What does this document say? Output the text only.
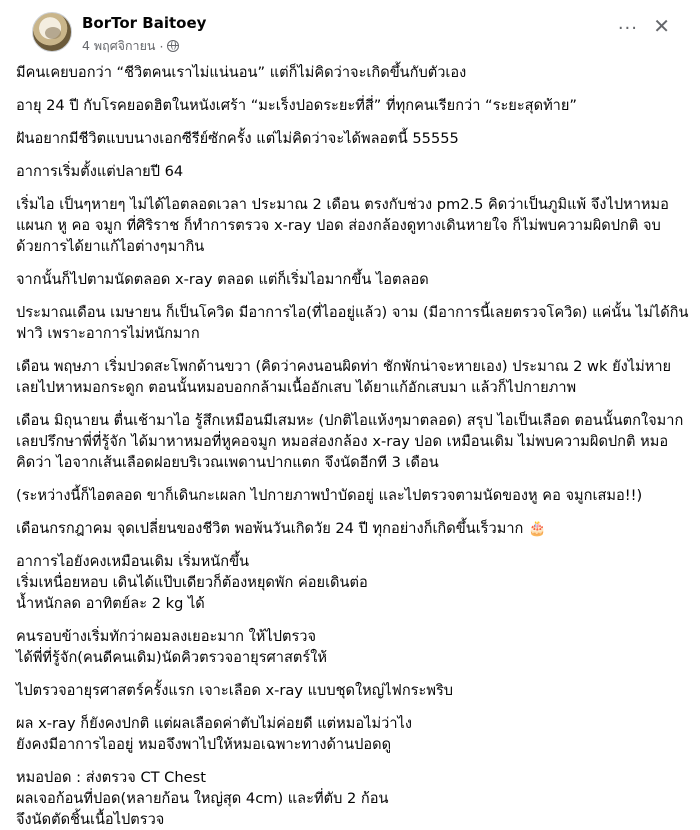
BorTor Baitoey
4 พฤศจิกายน ·
··· ✕
มีคนเคยบอกว่า “ชีวิตคนเราไม่แน่นอน” แต่ก็ไม่คิดว่าจะเกิดขึ้นกับตัวเอง
อายุ 24 ปี กับโรคยอดฮิตในหนังเศร้า “มะเร็งปอดระยะที่สี่” ที่ทุกคนเรียกว่า “ระยะสุดท้าย”
ฝันอยากมีชีวิตแบบนางเอกซีรีย์ซักครั้ง แต่ไม่คิดว่าจะได้พลอตนี้ 55555
อาการเริ่มตั้งแต่ปลายปี 64
เริ่มไอ เป็นๆหายๆ ไม่ได้ไอตลอดเวลา ประมาณ 2 เดือน ตรงกับช่วง pm2.5 คิดว่าเป็นภูมิแพ้ จึงไปหาหมอ
แผนก หู คอ จมูก ที่ศิริราช ก็ทำการตรวจ x-ray ปอด ส่องกล้องดูทางเดินหายใจ ก็ไม่พบความผิดปกติ จบ
ด้วยการได้ยาแก้ไอต่างๆมากิน
จากนั้นก็ไปตามนัดตลอด x-ray ตลอด แต่ก็เริ่มไอมากขึ้น ไอตลอด
ประมาณเดือน เมษายน ก็เป็นโควิด มีอาการไอ(ที่ไออยู่แล้ว) จาม (มีอาการนี้เลยตรวจโควิด) แค่นั้น ไม่ได้กิน
ฟาวิ เพราะอาการไม่หนักมาก
เดือน พฤษภา เริ่มปวดสะโพกด้านขวา (คิดว่าคงนอนผิดท่า ชักพักน่าจะหายเอง) ประมาณ 2 wk ยังไม่หาย
เลยไปหาหมอกระดูก ตอนนั้นหมอบอกกล้ามเนื้ออักเสบ ได้ยาแก้อักเสบมา แล้วก็ไปกายภาพ
เดือน มิถุนายน ตื่นเช้ามาไอ รู้สึกเหมือนมีเสมหะ (ปกติไอแห้งๆมาตลอด) สรุป ไอเป็นเลือด ตอนนั้นตกใจมาก
เลยปรึกษาพี่ที่รู้จัก ได้มาหาหมอที่หูคอจมูก หมอส่องกล้อง x-ray ปอด เหมือนเดิม ไม่พบความผิดปกติ หมอ
คิดว่า ไอจากเส้นเลือดฝอยบริเวณเพดานปากแตก จึงนัดอีกที 3 เดือน
(ระหว่างนี้ก็ไอตลอด ขาก็เดินกะเผลก ไปกายภาพบำบัดอยู่ และไปตรวจตามนัดของหู คอ จมูกเสมอ!!)
เดือนกรกฎาคม จุดเปลี่ยนของชีวิต พอพ้นวันเกิดวัย 24 ปี ทุกอย่างก็เกิดขึ้นเร็วมาก 🎂
อาการไอยังคงเหมือนเดิม เริ่มหนักขึ้น
เริ่มเหนื่อยหอบ เดินได้แป๊บเดียวก็ต้องหยุดพัก ค่อยเดินต่อ
น้ำหนักลด อาทิตย์ละ 2 kg ได้
คนรอบข้างเริ่มทักว่าผอมลงเยอะมาก ให้ไปตรวจ
ได้พี่ที่รู้จัก(คนดีคนเดิม)นัดคิวตรวจอายุรศาสตร์ให้
ไปตรวจอายุรศาสตร์ครั้งแรก เจาะเลือด x-ray แบบชุดใหญ่ไฟกระพริบ
ผล x-ray ก็ยังคงปกติ แต่ผลเลือดค่าตับไม่ค่อยดี แต่หมอไม่ว่าไง
ยังคงมีอาการไออยู่ หมอจึงพาไปให้หมอเฉพาะทางด้านปอดดู
หมอปอด : ส่งตรวจ CT Chest
ผลเจอก้อนที่ปอด(หลายก้อน ใหญ่สุด 4cm) และที่ตับ 2 ก้อน
จึงนัดตัดชิ้นเนื้อไปตรวจ
